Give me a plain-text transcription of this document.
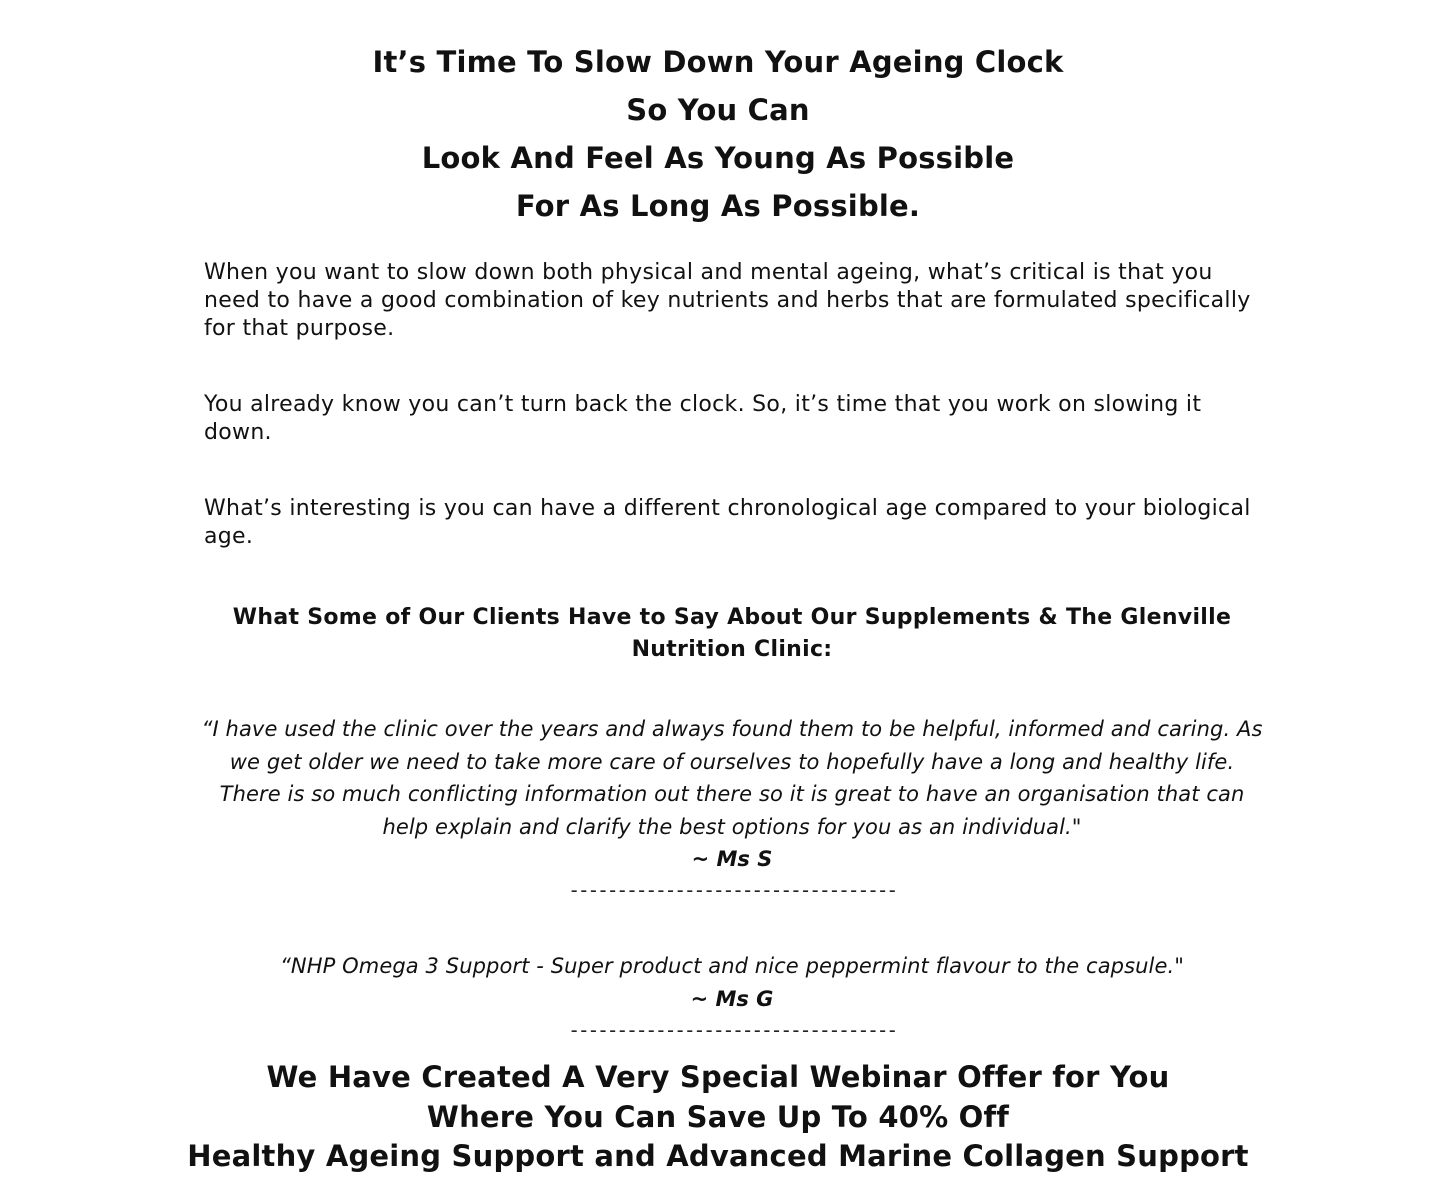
It’s Time To Slow Down Your Ageing Clock
So You Can
Look And Feel As Young As Possible
For As Long As Possible.

When you want to slow down both physical and mental ageing, what’s critical is that you need to have a good combination of key nutrients and herbs that are formulated specifically for that purpose.

You already know you can’t turn back the clock. So, it’s time that you work on slowing it down.

What’s interesting is you can have a different chronological age compared to your biological age.

What Some of Our Clients Have to Say About Our Supplements & The Glenville Nutrition Clinic:
“I have used the clinic over the years and always found them to be helpful, informed and caring. As we get older we need to take more care of ourselves to hopefully have a long and healthy life. There is so much conflicting information out there so it is great to have an organisation that can help explain and clarify the best options for you as an individual."
~ Ms S
----------------------------------
“NHP Omega 3 Support - Super product and nice peppermint flavour to the capsule."
~ Ms G
----------------------------------
We Have Created A Very Special Webinar Offer for You
Where You Can Save Up To 40% Off
Healthy Ageing Support and Advanced Marine Collagen Support
